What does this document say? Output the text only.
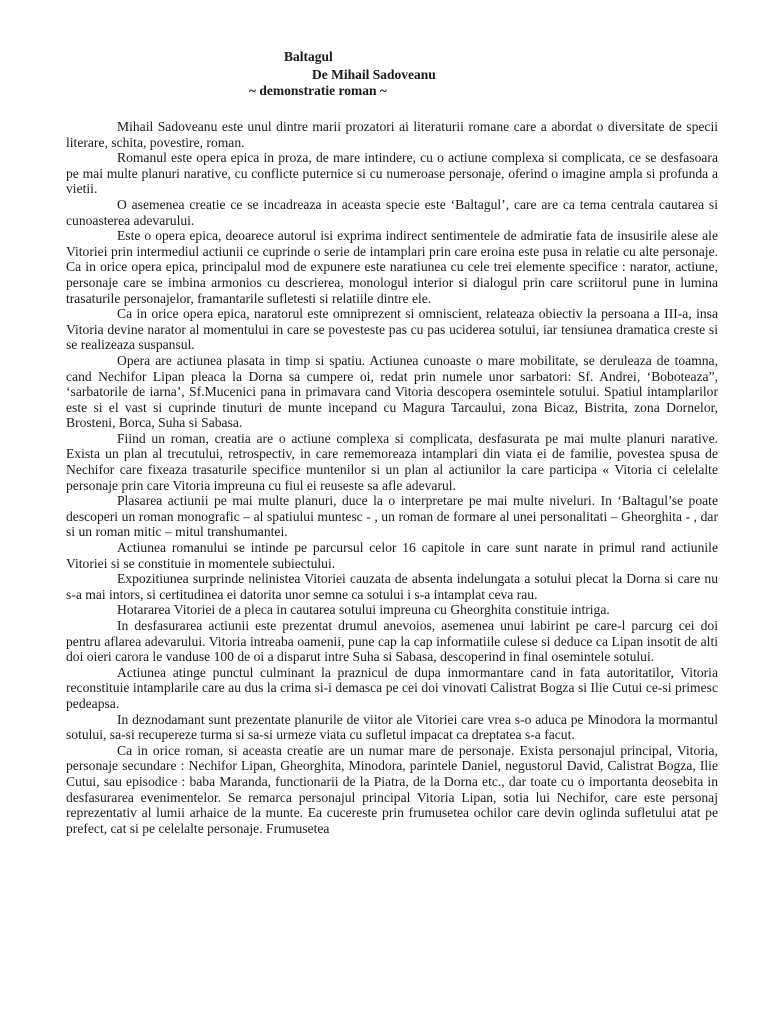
Baltagul
De Mihail Sadoveanu
~ demonstratie roman ~

Mihail Sadoveanu este unul dintre marii prozatori ai literaturii romane care a abordat o diversitate de specii literare, schita, povestire, roman.

Romanul este opera epica in proza, de mare intindere, cu o actiune complexa si complicata, ce se desfasoara pe mai multe planuri narative, cu conflicte puternice si cu numeroase personaje, oferind o imagine ampla si profunda a vietii.

O asemenea creatie ce se incadreaza in aceasta specie este ‘Baltagul’, care are ca tema centrala cautarea si cunoasterea adevarului.

Este o opera epica, deoarece autorul isi exprima indirect sentimentele de admiratie fata de insusirile alese ale Vitoriei prin intermediul actiunii ce cuprinde o serie de intamplari prin care eroina este pusa in relatie cu alte personaje. Ca in orice opera epica, principalul mod de expunere este naratiunea cu cele trei elemente specifice : narator, actiune, personaje care se imbina armonios cu descrierea, monologul interior si dialogul prin care scriitorul pune in lumina trasaturile personajelor, framantarile sufletesti si relatiile dintre ele.

Ca in orice opera epica, naratorul este omniprezent si omniscient, relateaza obiectiv la persoana a III-a, insa Vitoria devine narator al momentului in care se povesteste pas cu pas uciderea sotului, iar tensiunea dramatica creste si se realizeaza suspansul.

Opera are actiunea plasata in timp si spatiu. Actiunea cunoaste o mare mobilitate, se deruleaza de toamna, cand Nechifor Lipan pleaca la Dorna sa cumpere oi, redat prin numele unor sarbatori: Sf. Andrei, ‘Boboteaza”, ‘sarbatorile de iarna’, Sf.Mucenici pana in primavara cand Vitoria descopera osemintele sotului. Spatiul intamplarilor este si el vast si cuprinde tinuturi de munte incepand cu Magura Tarcaului, zona Bicaz, Bistrita, zona Dornelor, Brosteni, Borca, Suha si Sabasa.

Fiind un roman, creatia are o actiune complexa si complicata, desfasurata pe mai multe planuri narative. Exista un plan al trecutului, retrospectiv, in care rememoreaza intamplari din viata ei de familie, povestea spusa de Nechifor care fixeaza trasaturile specifice muntenilor si un plan al actiunilor la care participa « Vitoria ci celelalte personaje prin care Vitoria impreuna cu fiul ei reuseste sa afle adevarul.

Plasarea actiunii pe mai multe planuri, duce la o interpretare pe mai multe niveluri. In ‘Baltagul’se poate descoperi un roman monografic – al spatiului muntesc - , un roman de formare al unei personalitati – Gheorghita - , dar si un roman mitic – mitul transhumantei.

Actiunea romanului se intinde pe parcursul celor 16 capitole in care sunt narate in primul rand actiunile Vitoriei si se constituie in momentele subiectului.

Expozitiunea surprinde nelinistea Vitoriei cauzata de absenta indelungata a sotului plecat la Dorna si care nu s-a mai intors, si certitudinea ei datorita unor semne ca sotului i s-a intamplat ceva rau.

Hotararea Vitoriei de a pleca in cautarea sotului impreuna cu Gheorghita constituie intriga.

In desfasurarea actiunii este prezentat drumul anevoios, asemenea unui labirint pe care-l parcurg cei doi pentru aflarea adevarului. Vitoria intreaba oamenii, pune cap la cap informatiile culese si deduce ca Lipan insotit de alti doi oieri carora le vanduse 100 de oi a disparut intre Suha si Sabasa, descoperind in final osemintele sotului.

Actiunea atinge punctul culminant la praznicul de dupa inmormantare cand in fata autoritatilor, Vitoria reconstituie intamplarile care au dus la crima si-i demasca pe cei doi vinovati Calistrat Bogza si Ilie Cutui ce-si primesc pedeapsa.

In deznodamant sunt prezentate planurile de viitor ale Vitoriei care vrea s-o aduca pe Minodora la mormantul sotului, sa-si recupereze turma si sa-si urmeze viata cu sufletul impacat ca dreptatea s-a facut.

Ca in orice roman, si aceasta creatie are un numar mare de personaje. Exista personajul principal, Vitoria, personaje secundare : Nechifor Lipan, Gheorghita, Minodora, parintele Daniel, negustorul David, Calistrat Bogza, Ilie Cutui, sau episodice : baba Maranda, functionarii de la Piatra, de la Dorna etc., dar toate cu o importanta deosebita in desfasurarea evenimentelor. Se remarca personajul principal Vitoria Lipan, sotia lui Nechifor, care este personaj reprezentativ al lumii arhaice de la munte. Ea cucereste prin frumusetea ochilor care devin oglinda sufletului atat pe prefect, cat si pe celelalte personaje. Frumusetea
